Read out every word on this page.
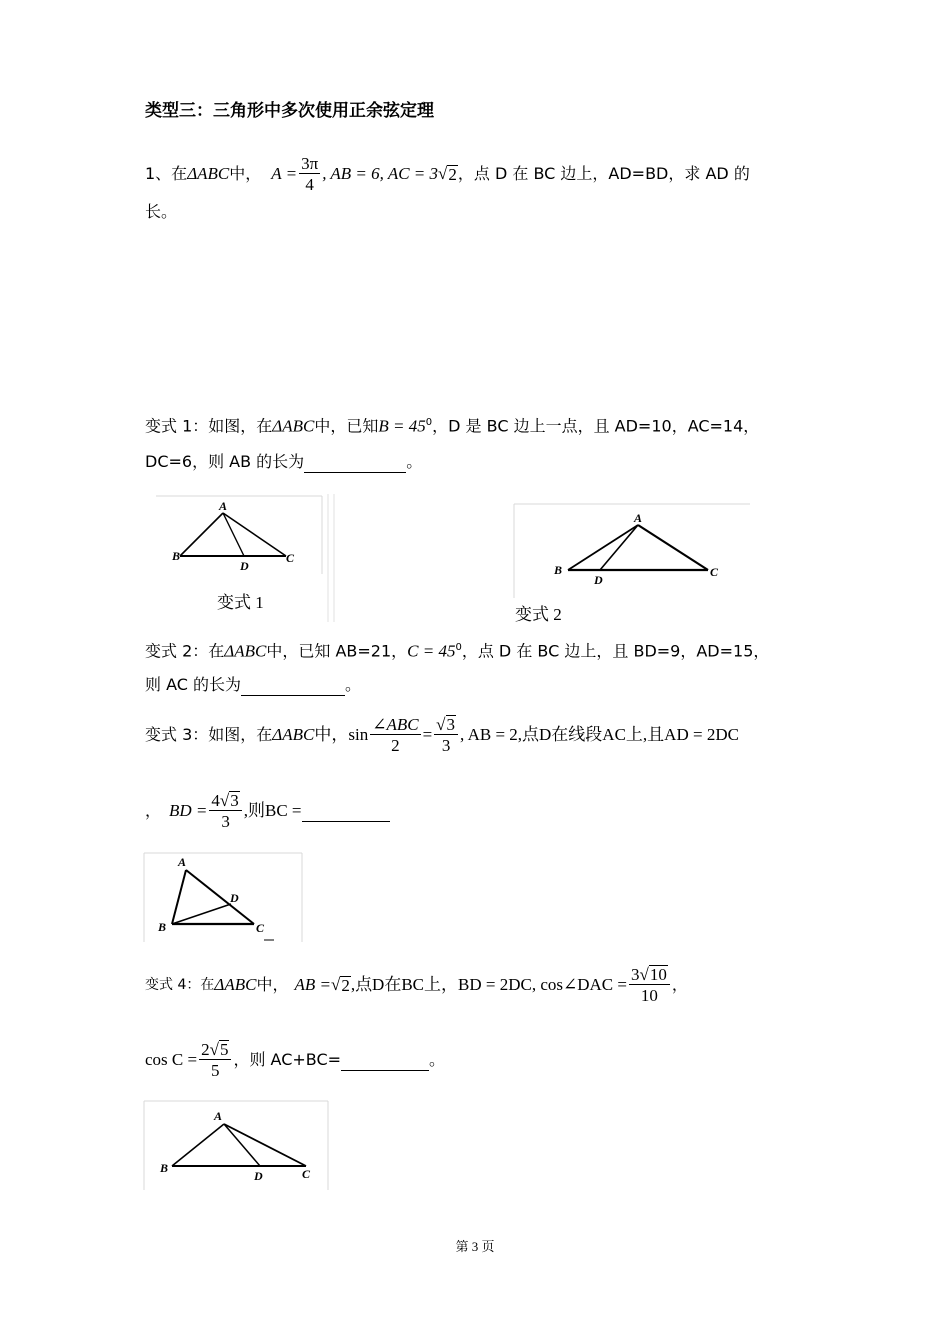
类型三：三角形中多次使用正余弦定理
1、在 ΔABC 中， $A = \frac{3\pi}{4}$ , AB = 6, AC = 3 √ 2 ，点 D 在 BC 边上，AD=BD，求 AD 的
长。
变式 1：如图，在ΔABC中，已知$B = 45^0$，D 是 BC 边上一点，且 AD=10，AC=14，
DC=6，则 AB 的长为	。
A
B	C
D
变式 1
A
B	C
D
变式 2
变式 2：在ΔABC中，已知 AB=21，$C = 45^0$，点 D 在 BC 边上，且 BD=9，AD=15，
则 AC 的长为	。
变式 3：如图，在 ΔABC 中，$\sin \frac{\text{∠ABC}}{2} = \frac{√3}{3}$ , AB = 2,点D在线段AC上,且AD = 2DC
， BD = $\frac{4√3}{3}$ ,则BC =

A
B	C
D
变式 4：在 ΔABC 中， AB = √ 2 ,点D在BC上，BD = 2DC, cos∠DAC = $\frac{3√10}{10}$ ，
$\cos C = \frac{2√5}{5}$ ，则 AC+BC=
	。
A
B	C
D
第 3 页
